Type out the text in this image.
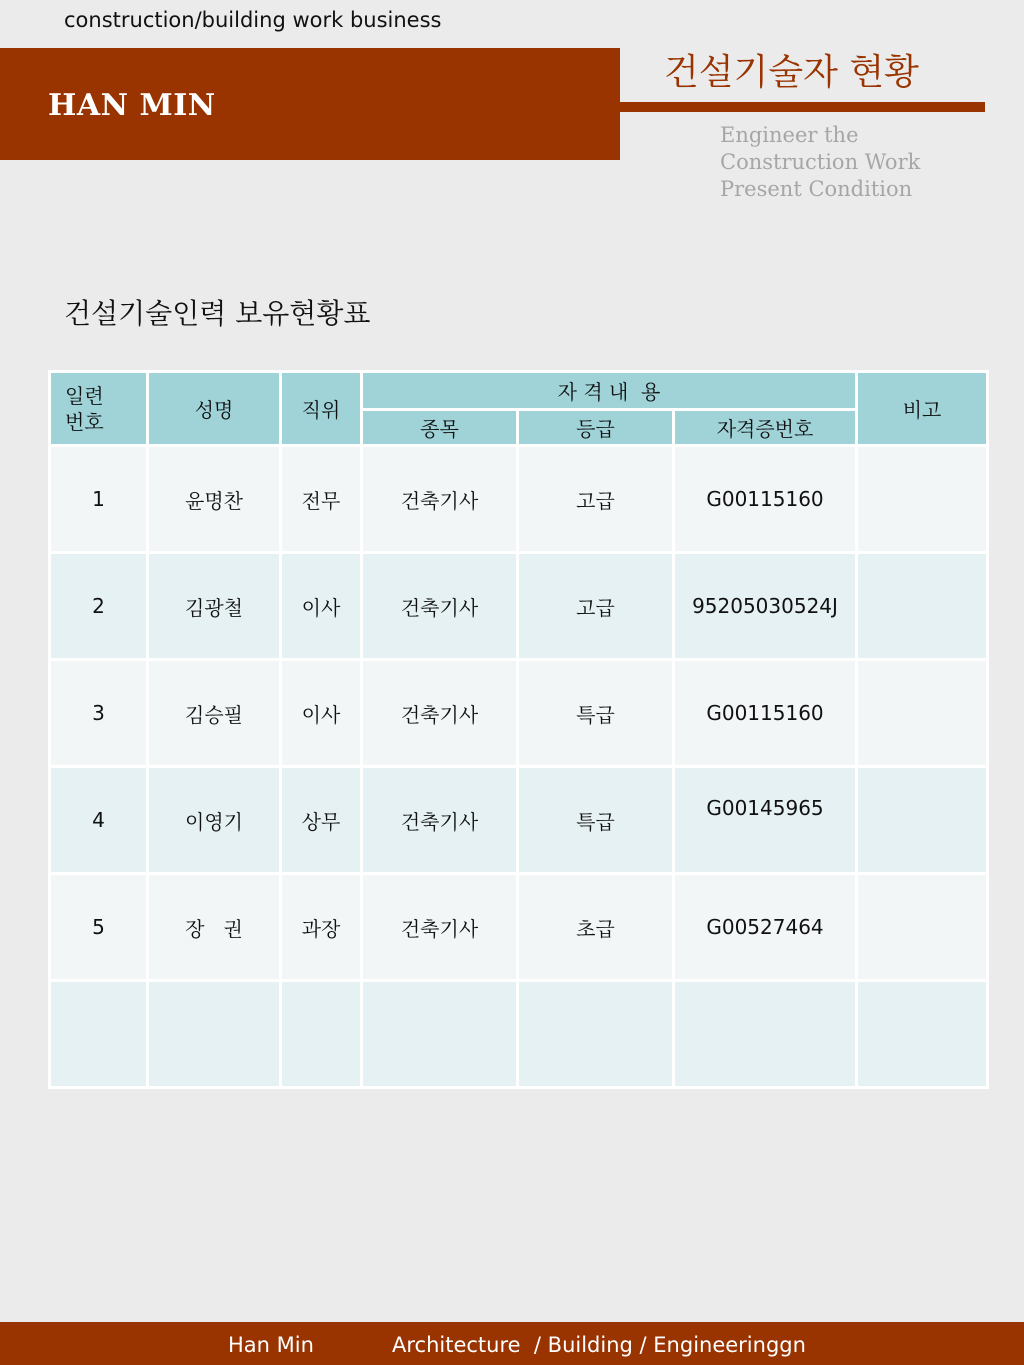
construction/building work business
HAN MIN
건설기술자 현황
Engineer the
Construction Work
Present Condition
건설기술인력 보유현황표
일련
번호	성명	직위	자 격 내  용			비고
			종목	등급	자격증번호	
1	윤명찬	전무	건축기사	고급	G00115160	
2	김광철	이사	건축기사	고급	95205030524J	
3	김승필	이사	건축기사	특급	G00115160	
4	이영기	상무	건축기사	특급	G00145965	
5	장   권	과장	건축기사	초급	G00527464	

Han Min	Architecture  / Building / Engineeringgn
